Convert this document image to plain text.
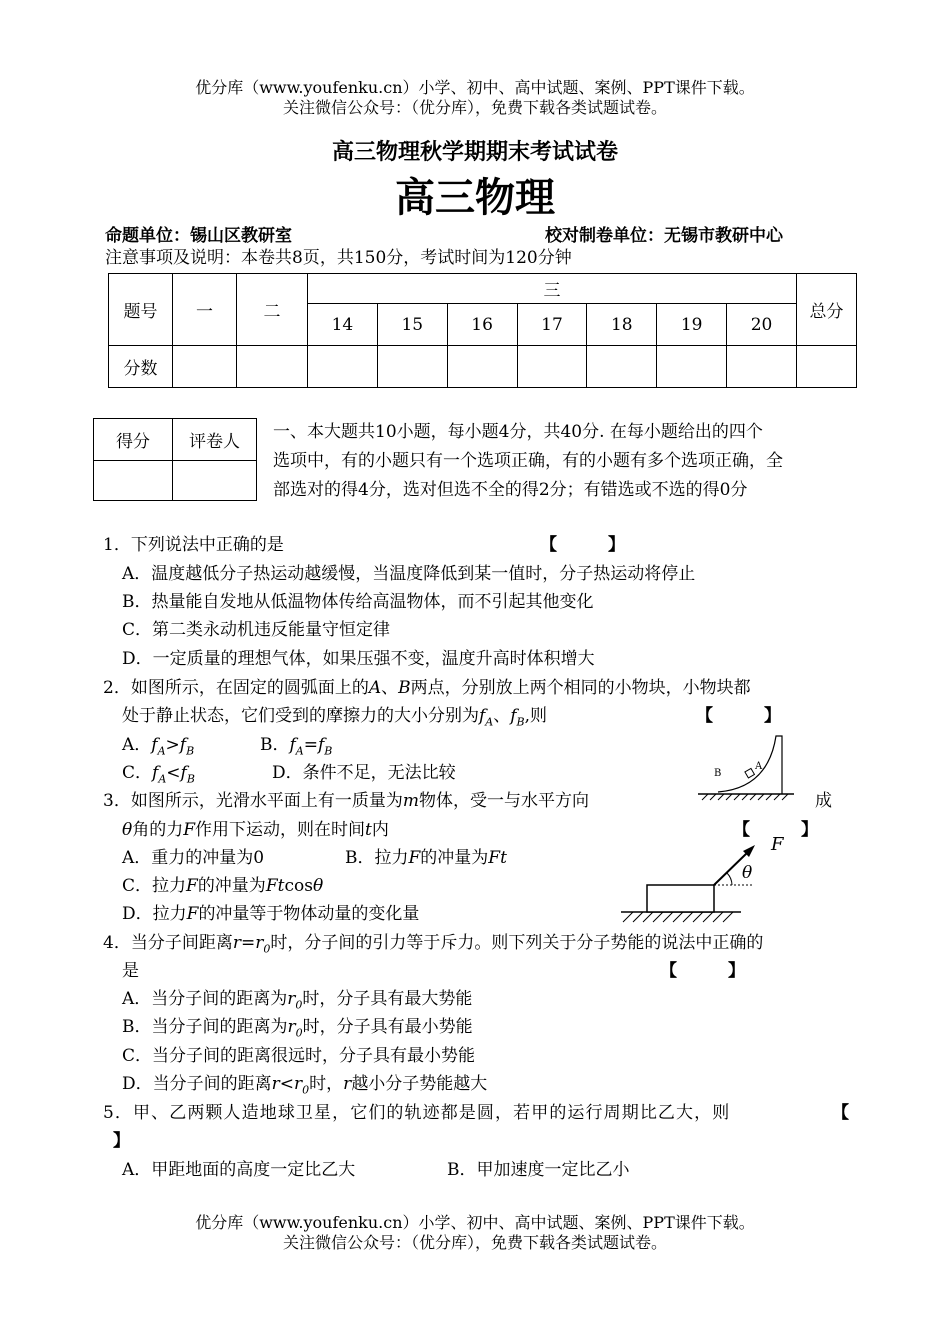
优分库（www.youfenku.cn）小学、初中、高中试题、案例、PPT课件下载。
关注微信公众号：（优分库），免费下载各类试题试卷。
高三物理秋学期期末考试试卷
高三物理
命题单位：锡山区教研室	校对制卷单位：无锡市教研中心
注意事项及说明：本卷共8页，共150分，考试时间为120分钟
题号	一	二	三							总分
			14	15	16	17	18	19	20	
分数										
得分	评卷人
	一、本大题共10小题，每小题4分，共40分. 在每小题给出的四个
选项中，有的小题只有一个选项正确，有的小题有多个选项正确，全
部选对的得4分，选对但选不全的得2分；有错选或不选的得0分
1．下列说法中正确的是	【　　　】
A．温度越低分子热运动越缓慢，当温度降低到某一值时，分子热运动将停止
B．热量能自发地从低温物体传给高温物体，而不引起其他变化
C．第二类永动机违反能量守恒定律
D．一定质量的理想气体，如果压强不变，温度升高时体积增大
2．如图所示，在固定的圆弧面上的A、B两点，分别放上两个相同的小物块，小物块都
处于静止状态，它们受到的摩擦力的大小分别为$f_A$、$f_B$,则	【　　　】
A．$f_A>f_B$	B．$f_A=f_B$
C．$f_A<f_B$	D．条件不足，无法比较	B
A
3．如图所示，光滑水平面上有一质量为m物体，受一与水平方向	成
θ角的力F作用下运动，则在时间t内	【　　　】
A．重力的冲量为0	B．拉力F的冲量为Ft
C．拉力F的冲量为Ftcosθ
D．拉力F的冲量等于物体动量的变化量
F
θ
4．当分子间距离$r=r_0$时，分子间的引力等于斥力。则下列关于分子势能的说法中正确的
是	【　　　】
A．当分子间的距离为$r_0$时，分子具有最大势能
B．当分子间的距离为$r_0$时，分子具有最小势能
C．当分子间的距离很远时，分子具有最小势能
D．当分子间的距离$r<r_0$时，r越小分子势能越大
5．甲、乙两颗人造地球卫星，它们的轨迹都是圆，若甲的运行周期比乙大，则	【
】
A．甲距地面的高度一定比乙大	B．甲加速度一定比乙小
优分库（www.youfenku.cn）小学、初中、高中试题、案例、PPT课件下载。
关注微信公众号：（优分库），免费下载各类试题试卷。
